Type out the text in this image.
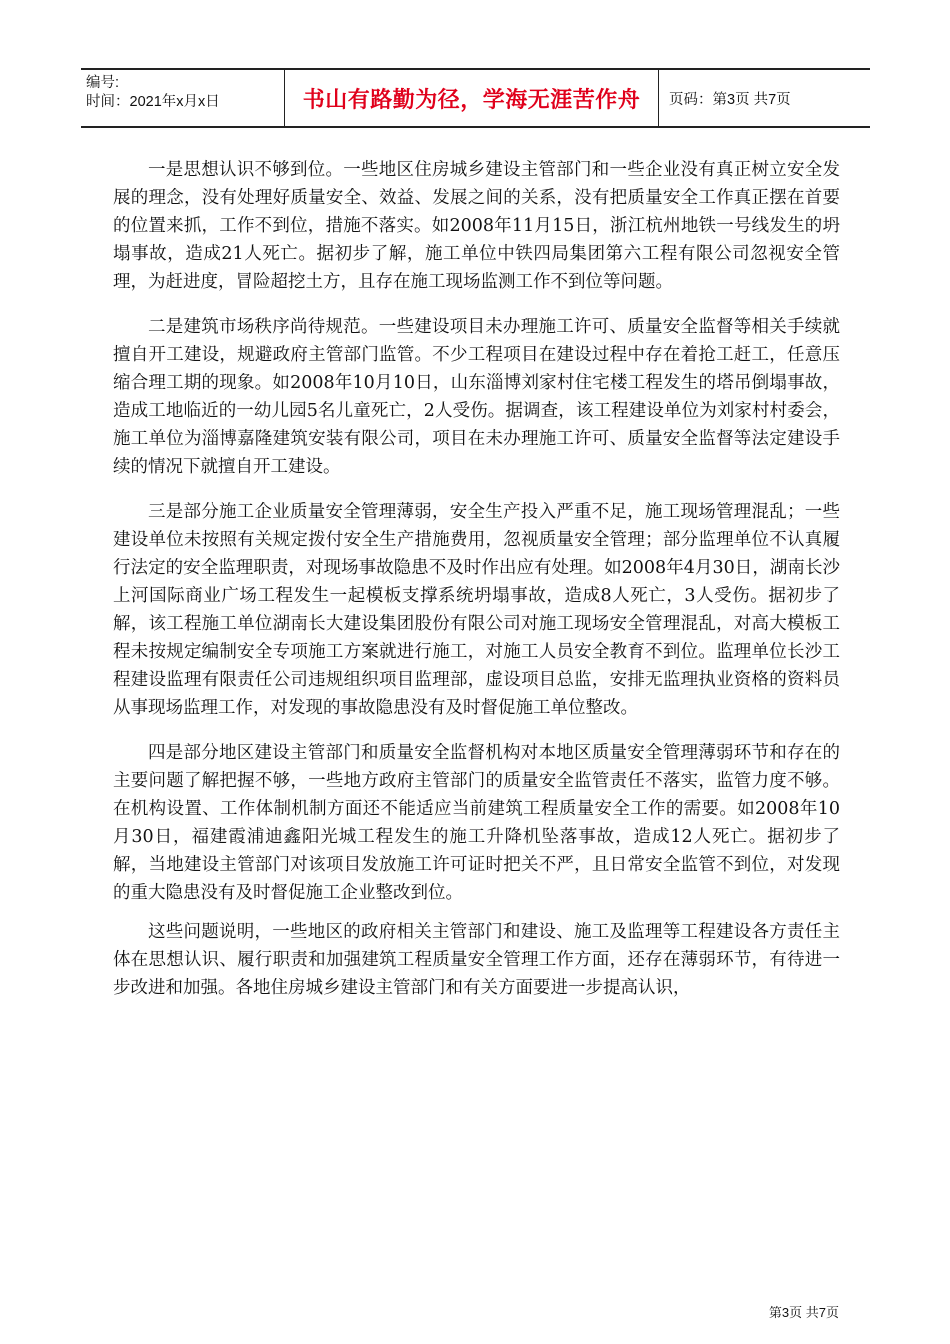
编号:
时间：2021年x月x日	书山有路勤为径，学海无涯苦作舟	页码：第3页 共7页

一是思想认识不够到位。一些地区住房城乡建设主管部门和一些企业没有真正树立安全发展的理念，没有处理好质量安全、效益、发展之间的关系，没有把质量安全工作真正摆在首要的位置来抓，工作不到位，措施不落实。如2008年11月15日，浙江杭州地铁一号线发生的坍塌事故，造成21人死亡。据初步了解，施工单位中铁四局集团第六工程有限公司忽视安全管理，为赶进度，冒险超挖土方，且存在施工现场监测工作不到位等问题。

二是建筑市场秩序尚待规范。一些建设项目未办理施工许可、质量安全监督等相关手续就擅自开工建设，规避政府主管部门监管。不少工程项目在建设过程中存在着抢工赶工，任意压缩合理工期的现象。如2008年10月10日，山东淄博刘家村住宅楼工程发生的塔吊倒塌事故，造成工地临近的一幼儿园5名儿童死亡，2人受伤。据调查，该工程建设单位为刘家村村委会，施工单位为淄博嘉隆建筑安装有限公司，项目在未办理施工许可、质量安全监督等法定建设手续的情况下就擅自开工建设。

三是部分施工企业质量安全管理薄弱，安全生产投入严重不足，施工现场管理混乱；一些建设单位未按照有关规定拨付安全生产措施费用，忽视质量安全管理；部分监理单位不认真履行法定的安全监理职责，对现场事故隐患不及时作出应有处理。如2008年4月30日，湖南长沙上河国际商业广场工程发生一起模板支撑系统坍塌事故，造成8人死亡，3人受伤。据初步了解，该工程施工单位湖南长大建设集团股份有限公司对施工现场安全管理混乱，对高大模板工程未按规定编制安全专项施工方案就进行施工，对施工人员安全教育不到位。监理单位长沙工程建设监理有限责任公司违规组织项目监理部，虚设项目总监，安排无监理执业资格的资料员从事现场监理工作，对发现的事故隐患没有及时督促施工单位整改。

四是部分地区建设主管部门和质量安全监督机构对本地区质量安全管理薄弱环节和存在的主要问题了解把握不够，一些地方政府主管部门的质量安全监管责任不落实，监管力度不够。在机构设置、工作体制机制方面还不能适应当前建筑工程质量安全工作的需要。如2008年10月30日，福建霞浦迪鑫阳光城工程发生的施工升降机坠落事故，造成12人死亡。据初步了解，当地建设主管部门对该项目发放施工许可证时把关不严，且日常安全监管不到位，对发现的重大隐患没有及时督促施工企业整改到位。

这些问题说明，一些地区的政府相关主管部门和建设、施工及监理等工程建设各方责任主体在思想认识、履行职责和加强建筑工程质量安全管理工作方面，还存在薄弱环节，有待进一步改进和加强。各地住房城乡建设主管部门和有关方面要进一步提高认识，

第3页 共7页
